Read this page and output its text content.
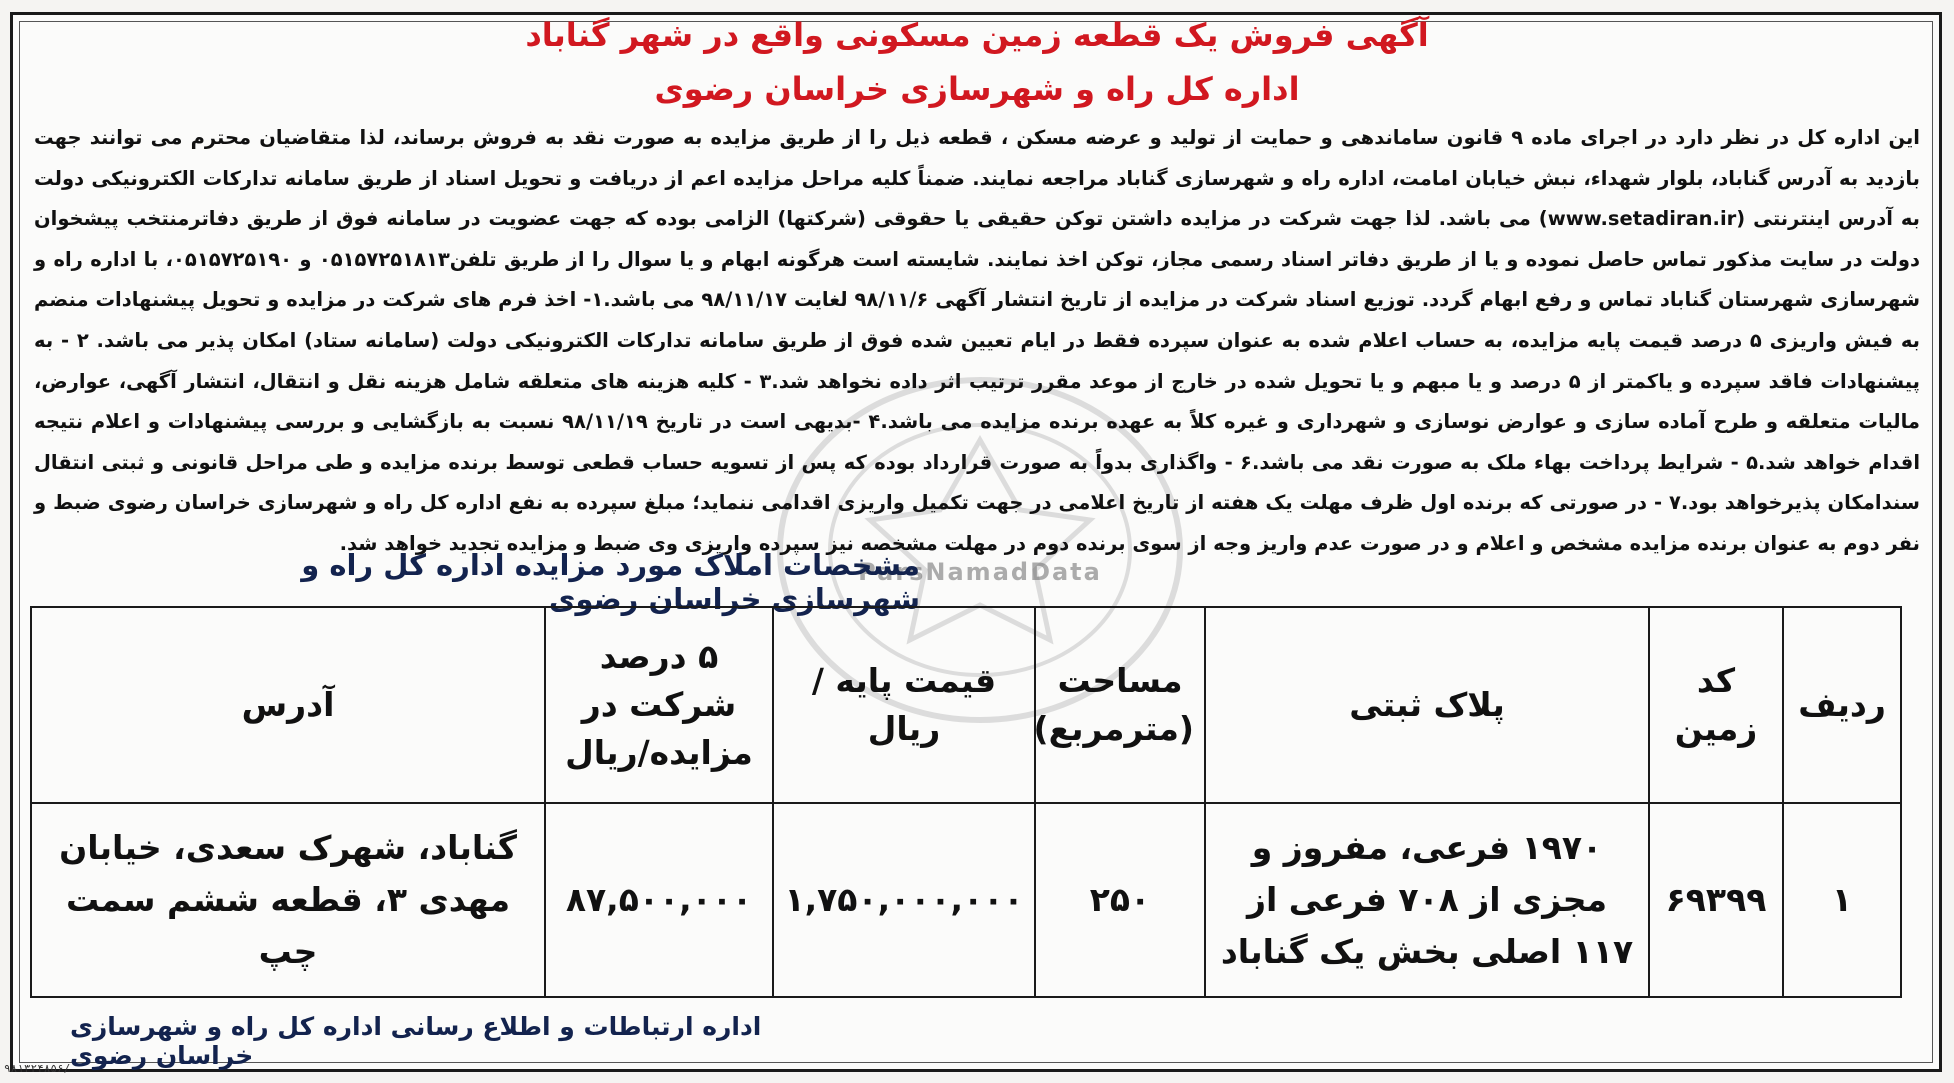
ParsNamadData
آگهی فروش یک قطعه زمین مسکونی واقع در شهر گناباد
اداره کل راه و شهرسازی خراسان رضوی
این اداره کل در نظر دارد در اجرای ماده ۹ قانون ساماندهی و حمایت از تولید و عرضه مسکن ، قطعه ذیل را از طریق مزایده به صورت نقد به فروش برساند، لذا متقاضیان محترم می توانند جهت بازدید به آدرس گناباد، بلوار شهداء، نبش خیابان امامت، اداره راه و شهرسازی گناباد مراجعه نمایند. ضمناً کلیه مراحل مزایده اعم از دریافت و تحویل اسناد از طریق سامانه تدارکات الکترونیکی دولت به آدرس اینترنتی (www.setadiran.ir) می باشد. لذا جهت شرکت در مزایده داشتن توکن حقیقی یا حقوقی (شرکتها) الزامی بوده که جهت عضویت در سامانه فوق از طریق دفاترمنتخب پیشخوان دولت در سایت مذکور تماس حاصل نموده و یا از طریق دفاتر اسناد رسمی مجاز، توکن اخذ نمایند. شایسته است هرگونه ابهام و یا سوال را از طریق تلفن۰۵۱۵۷۲۵۱۸۱۳ و ۰۵۱۵۷۲۵۱۹۰، با اداره راه و شهرسازی شهرستان گناباد تماس و رفع ابهام گردد. توزیع اسناد شرکت در مزایده از تاریخ انتشار آگهی ۹۸/۱۱/۶ لغایت ۹۸/۱۱/۱۷ می باشد.۱- اخذ فرم های شرکت در مزایده و تحویل پیشنهادات منضم به فیش واریزی ۵ درصد قیمت پایه مزایده، به حساب اعلام شده به عنوان سپرده فقط در ایام تعیین شده فوق از طریق سامانه تدارکات الکترونیکی دولت (سامانه ستاد) امکان پذیر می باشد. ۲ - به پیشنهادات فاقد سپرده و یاکمتر از ۵ درصد و یا مبهم و یا تحویل شده در خارج از موعد مقرر ترتیب اثر داده نخواهد شد.۳ - کلیه هزینه های متعلقه شامل هزینه نقل و انتقال، انتشار آگهی، عوارض، مالیات متعلقه و طرح آماده سازی و عوارض نوسازی و شهرداری و غیره کلاً به عهده برنده مزایده می باشد.۴ -بدیهی است در تاریخ ۹۸/۱۱/۱۹ نسبت به بازگشایی و بررسی پیشنهادات و اعلام نتیجه اقدام خواهد شد.۵ - شرایط پرداخت بهاء ملک به صورت نقد می باشد.۶ - واگذاری بدواً به صورت قرارداد بوده که پس از تسویه حساب قطعی توسط برنده مزایده و طی مراحل قانونی و ثبتی انتقال سندامکان پذیرخواهد بود.۷ - در صورتی که برنده اول ظرف مهلت یک هفته از تاریخ اعلامی در جهت تکمیل واریزی اقدامی ننماید؛ مبلغ سپرده به نفع اداره کل راه و شهرسازی خراسان رضوی ضبط و نفر دوم به عنوان برنده مزایده مشخص و اعلام و در صورت عدم واریز وجه از سوی برنده دوم در مهلت مشخصه نیز سپرده واریزی وی ضبط و مزایده تجدید خواهد شد.
مشخصات املاک مورد مزایده اداره کل راه و شهرسازی خراسان رضوی
ردیف	کد زمین	پلاک ثبتی	مساحت (مترمربع)	قیمت پایه /ریال	۵ درصد شرکت در مزایده/ریال	آدرس
۱	۶۹۳۹۹	۱۹۷۰ فرعی، مفروز و مجزی از ۷۰۸ فرعی از ۱۱۷ اصلی بخش یک گناباد	۲۵۰	۱,۷۵۰,۰۰۰,۰۰۰	۸۷,۵۰۰,۰۰۰	گناباد، شهرک سعدی، خیابان مهدی ۳، قطعه ششم سمت چپ
اداره ارتباطات و اطلاع رسانی اداره کل راه و شهرسازی خراسان رضوی
۹۸۱۳۲۴۸۵۶/
